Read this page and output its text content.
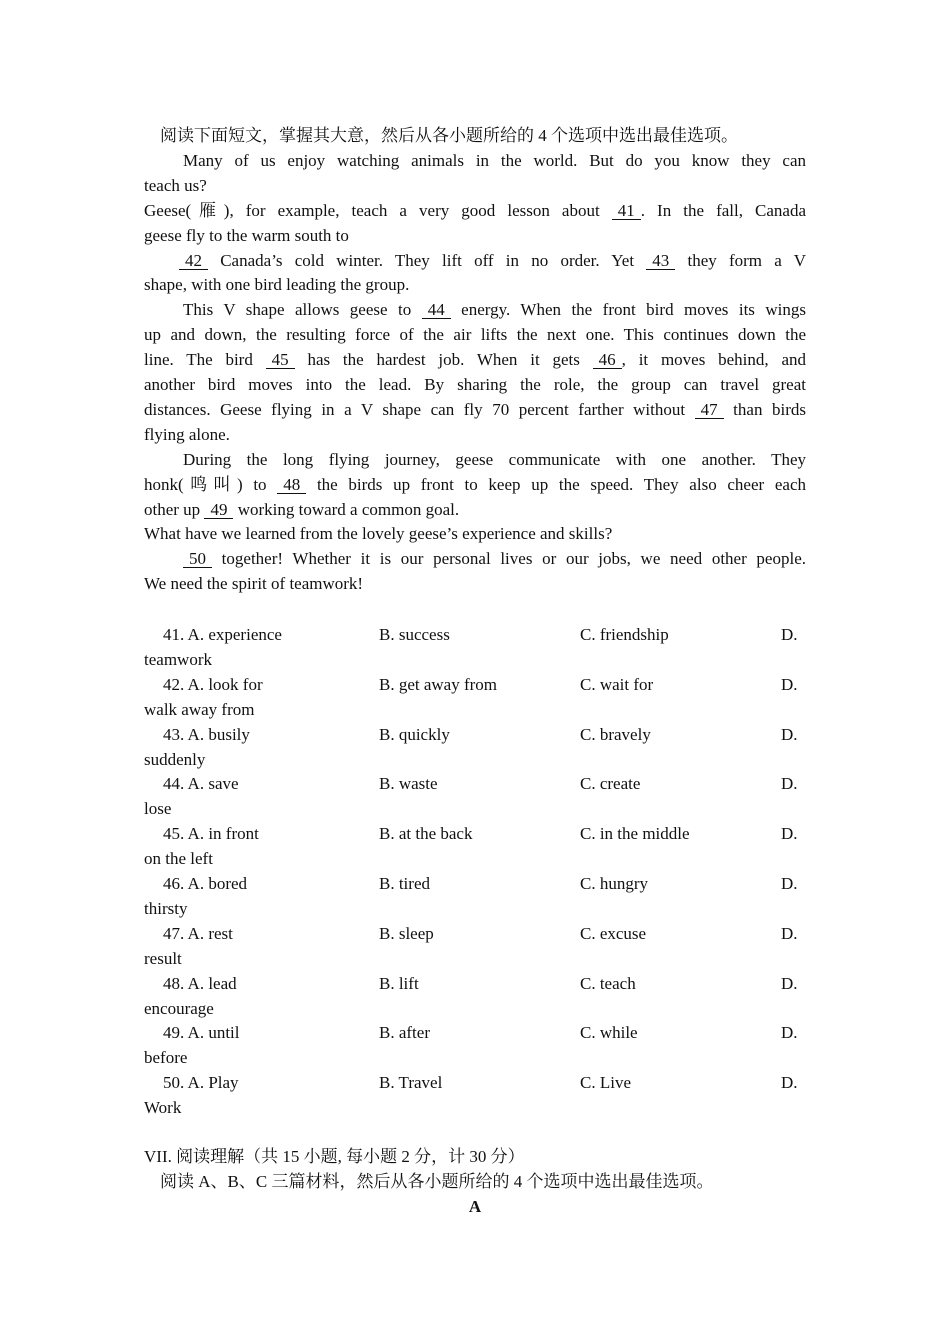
阅读下面短文，掌握其大意，然后从各小题所给的 4 个选项中选出最佳选项。
Many of us enjoy watching animals in the world. But do you know they can
teach us?
Geese(雁), for example, teach a very good lesson about 41 . In the fall, Canada
geese fly to the warm south to
42 Canada’s cold winter. They lift off in no order. Yet 43 they form a V
shape, with one bird leading the group.
This V shape allows geese to 44 energy. When the front bird moves its wings
up and down, the resulting force of the air lifts the next one. This continues down the
line. The bird 45 has the hardest job. When it gets 46 , it moves behind, and
another bird moves into the lead. By sharing the role, the group can travel great
distances. Geese flying in a V shape can fly 70 percent farther without 47 than birds
flying alone.
During the long flying journey, geese communicate with one another. They
honk(鸣叫) to 48 the birds up front to keep up the speed. They also cheer each
other up 49 working toward a common goal.
What have we learned from the lovely geese’s experience and skills?
50 together! Whether it is our personal lives or our jobs, we need other people.
We need the spirit of teamwork!
41. A. experience	B. success	C. friendship	D.
teamwork
42. A. look for	B. get away from	C. wait for	D.
walk away from
43. A. busily	B. quickly	C. bravely	D.
suddenly
44. A. save	B. waste	C. create	D.
lose
45. A. in front	B. at the back	C. in the middle	D.
on the left
46. A. bored	B. tired	C. hungry	D.
thirsty
47. A. rest	B. sleep	C. excuse	D.
result
48. A. lead	B. lift	C. teach	D.
encourage
49. A. until	B. after	C. while	D.
before
50. A. Play	B. Travel	C. Live	D.
Work
VII. 阅读理解（共 15 小题, 每小题 2 分，计 30 分）
阅读 A、B、C 三篇材料，然后从各小题所给的 4 个选项中选出最佳选项。
A
